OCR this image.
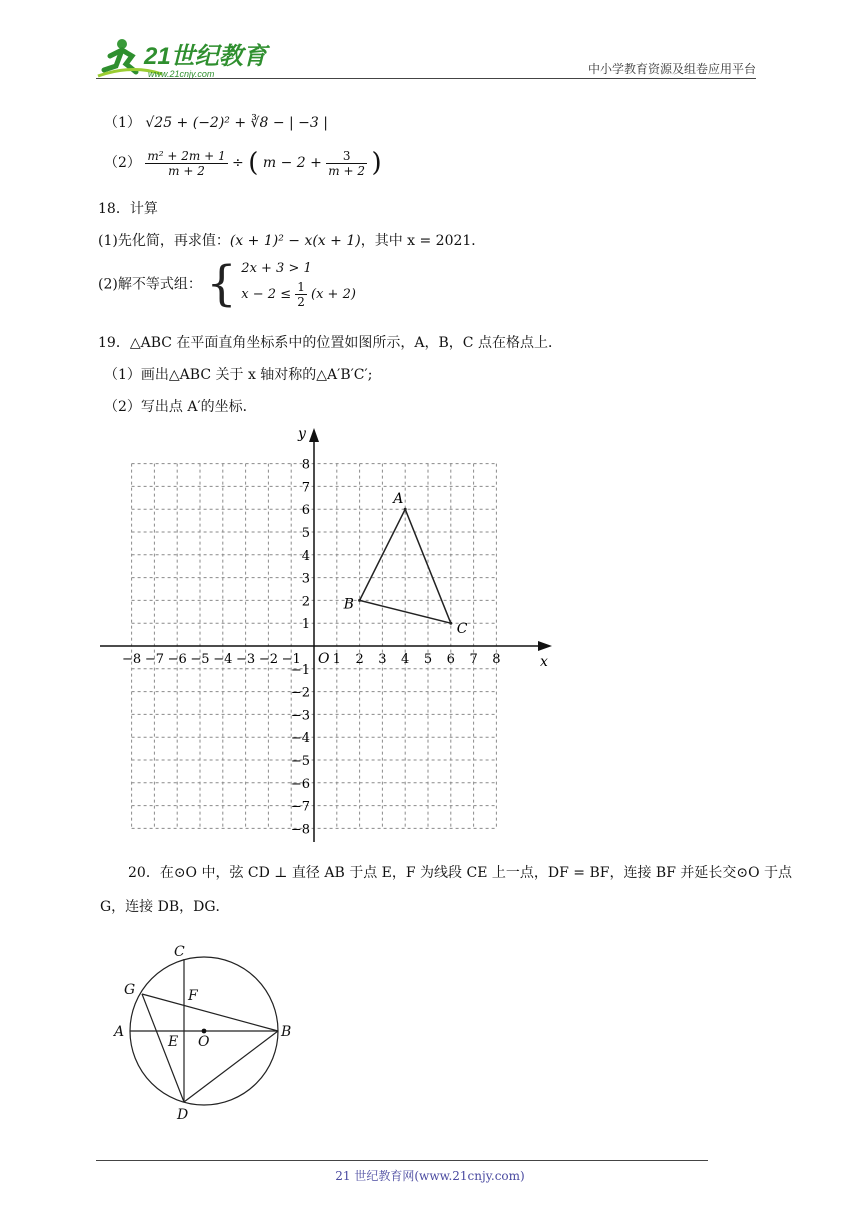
21世纪教育
www.21cnjy.com	中小学教育资源及组卷应用平台
（1） √25 + (−2)² + ∛8 − | −3 |
$(2) \frac{\text{m² + 2m + 1}}{m + 2}$ ÷ ( $m - 2 + \frac{3}{m + 2}$ )
18．计算
(1)先化简，再求值：(x + 1)² − x(x + 1)，其中 x = 2021．
(2)解不等式组： { 2x + 3 > 1
$x - 2 \le \frac{1}{2} (x + 2)$
19．△ABC 在平面直角坐标系中的位置如图所示，A，B，C 点在格点上．
（1）画出△ABC 关于 x 轴对称的△A′B′C′;
（2）写出点 A′的坐标．
x
y
O
−8 −7 −6 −5 −4 −3 −2 −1 1 2 3 4 5 6 7 8
8
7
6
5
4
3
2
1
−1
−2
−3
−4
−5
−6
−7
−8
A
B
C
20．在⊙O 中，弦 CD ⊥ 直径 AB 于点 E，F 为线段 CE 上一点，DF = BF，连接 BF 并延长交⊙O 于点
G，连接 DB，DG．
C
G	F
A
E O
B
D
21 世纪教育网(www.21cnjy.com)
